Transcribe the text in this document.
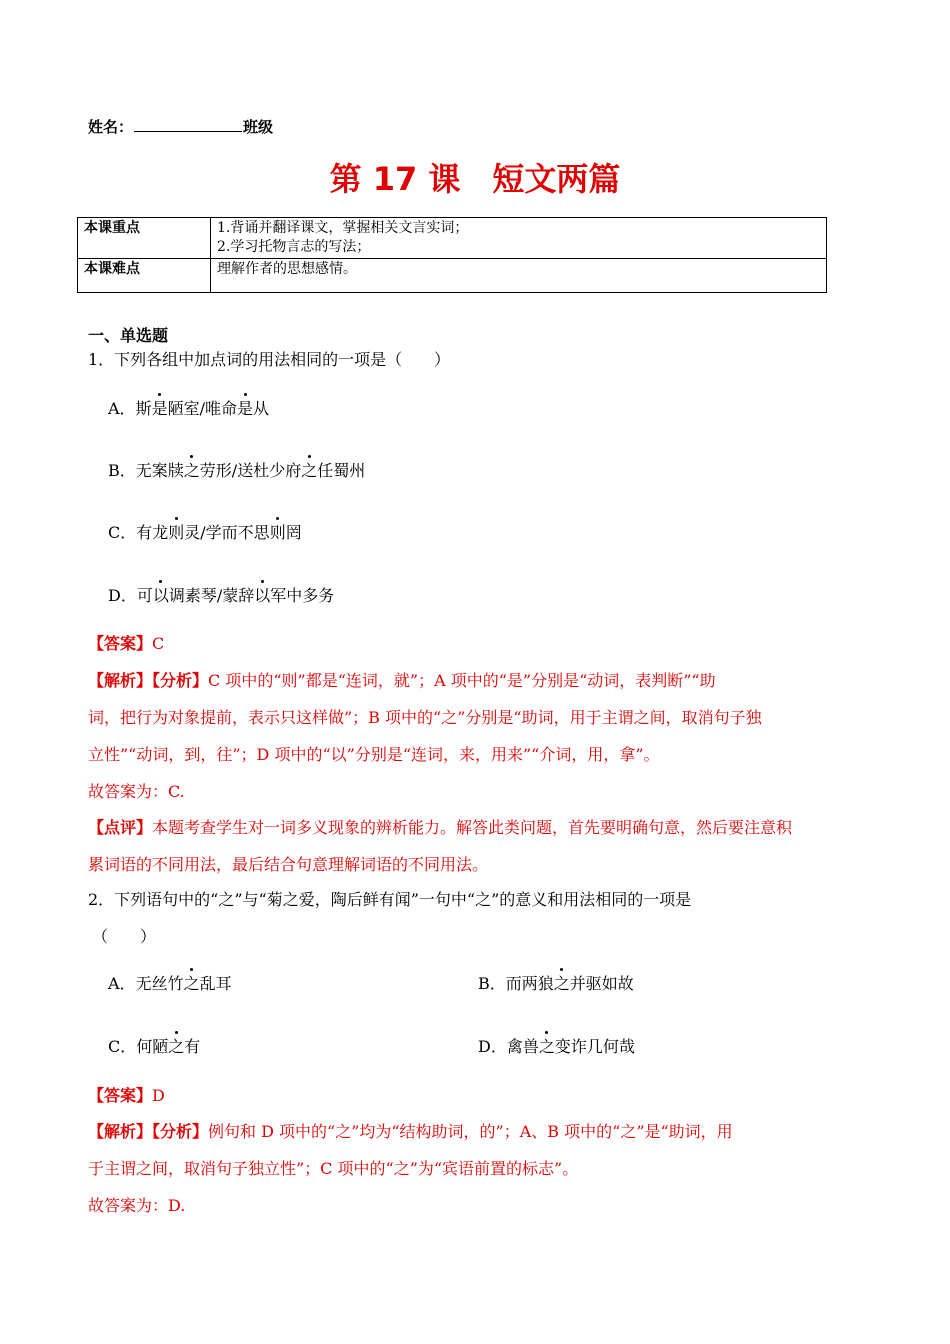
姓名：	班级
第 17 课　短文两篇
本课重点	1.背诵并翻译课文，掌握相关文言实词；
2.学习托物言志的写法；

本课难点	理解作者的思想感情。
一、单选题
1．下列各组中加点词的用法相同的一项是（　　）
A．斯是陋室/唯命是从
B．无案牍之劳形/送杜少府之任蜀州
C．有龙则灵/学而不思则罔
D．可以调素琴/蒙辞以军中多务
【答案】C
【解析】【分析】C 项中的“则”都是“连词，就”；A 项中的“是”分别是“动词，表判断”“助
词，把行为对象提前，表示只这样做”；B 项中的“之”分别是“助词，用于主谓之间，取消句子独
立性”“动词，到，往”；D 项中的“以”分别是“连词，来，用来”“介词，用，拿”。
故答案为：C.
【点评】本题考查学生对一词多义现象的辨析能力。解答此类问题，首先要明确句意，然后要注意积
累词语的不同用法，最后结合句意理解词语的不同用法。
2．下列语句中的“之”与“菊之爱，陶后鲜有闻”一句中“之”的意义和用法相同的一项是
（　　）
A．无丝竹之乱耳	B．而两狼之并驱如故
C．何陋之有	D．禽兽之变诈几何哉
【答案】D
【解析】【分析】例句和 D 项中的“之”均为“结构助词，的”；A、B 项中的“之”是“助词，用
于主谓之间，取消句子独立性”；C 项中的“之”为“宾语前置的标志”。
故答案为：D.
